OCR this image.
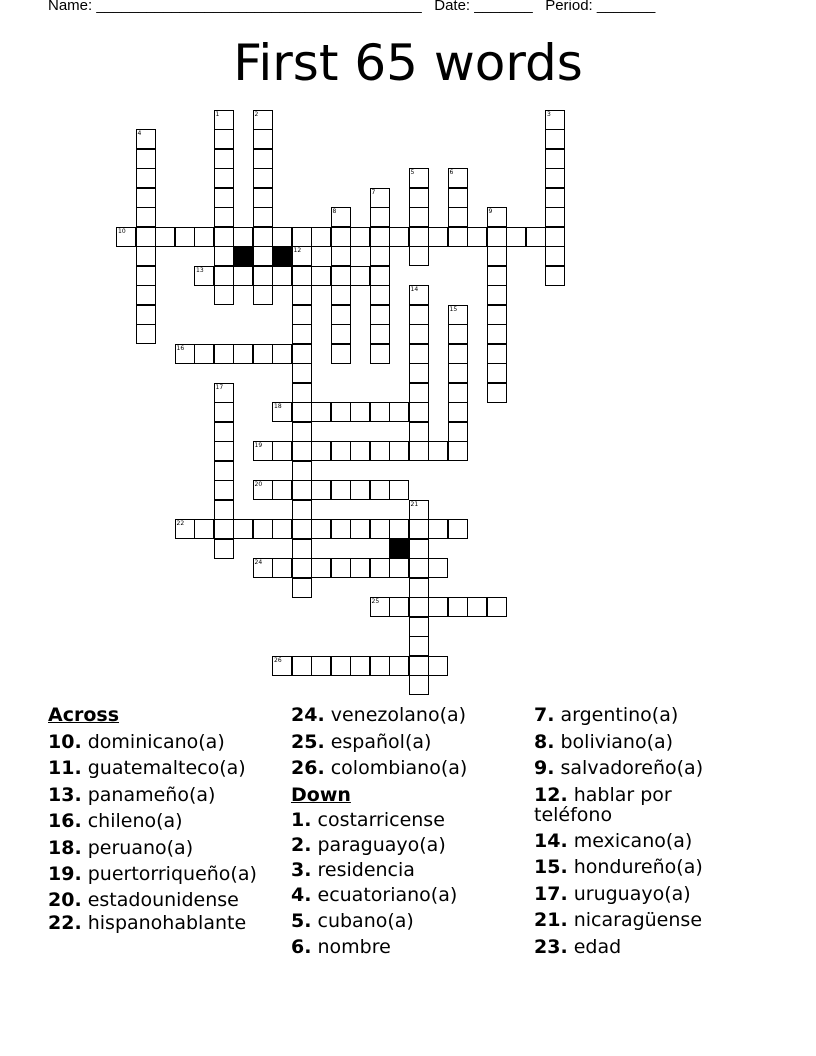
Name: _______________________________________ Date: _______ Period: _______
First 65 words
10
13
16
18
19
20
22
24
25
26
1	2	3
4
5	6
7
8	9
12
14
15
17
21
Across
10. dominicano(a)
11. guatemalteco(a)
13. panameño(a)
16. chileno(a)
18. peruano(a)
19. puertorriqueño(a)
20. estadounidense
22. hispanohablante
24. venezolano(a)
25. español(a)
26. colombiano(a)
Down
1. costarricense
2. paraguayo(a)
3. residencia
4. ecuatoriano(a)
5. cubano(a)
6. nombre
7. argentino(a)
8. boliviano(a)
9. salvadoreño(a)
12. hablar por teléfono
14. mexicano(a)
15. hondureño(a)
17. uruguayo(a)
21. nicaragüense
23. edad
